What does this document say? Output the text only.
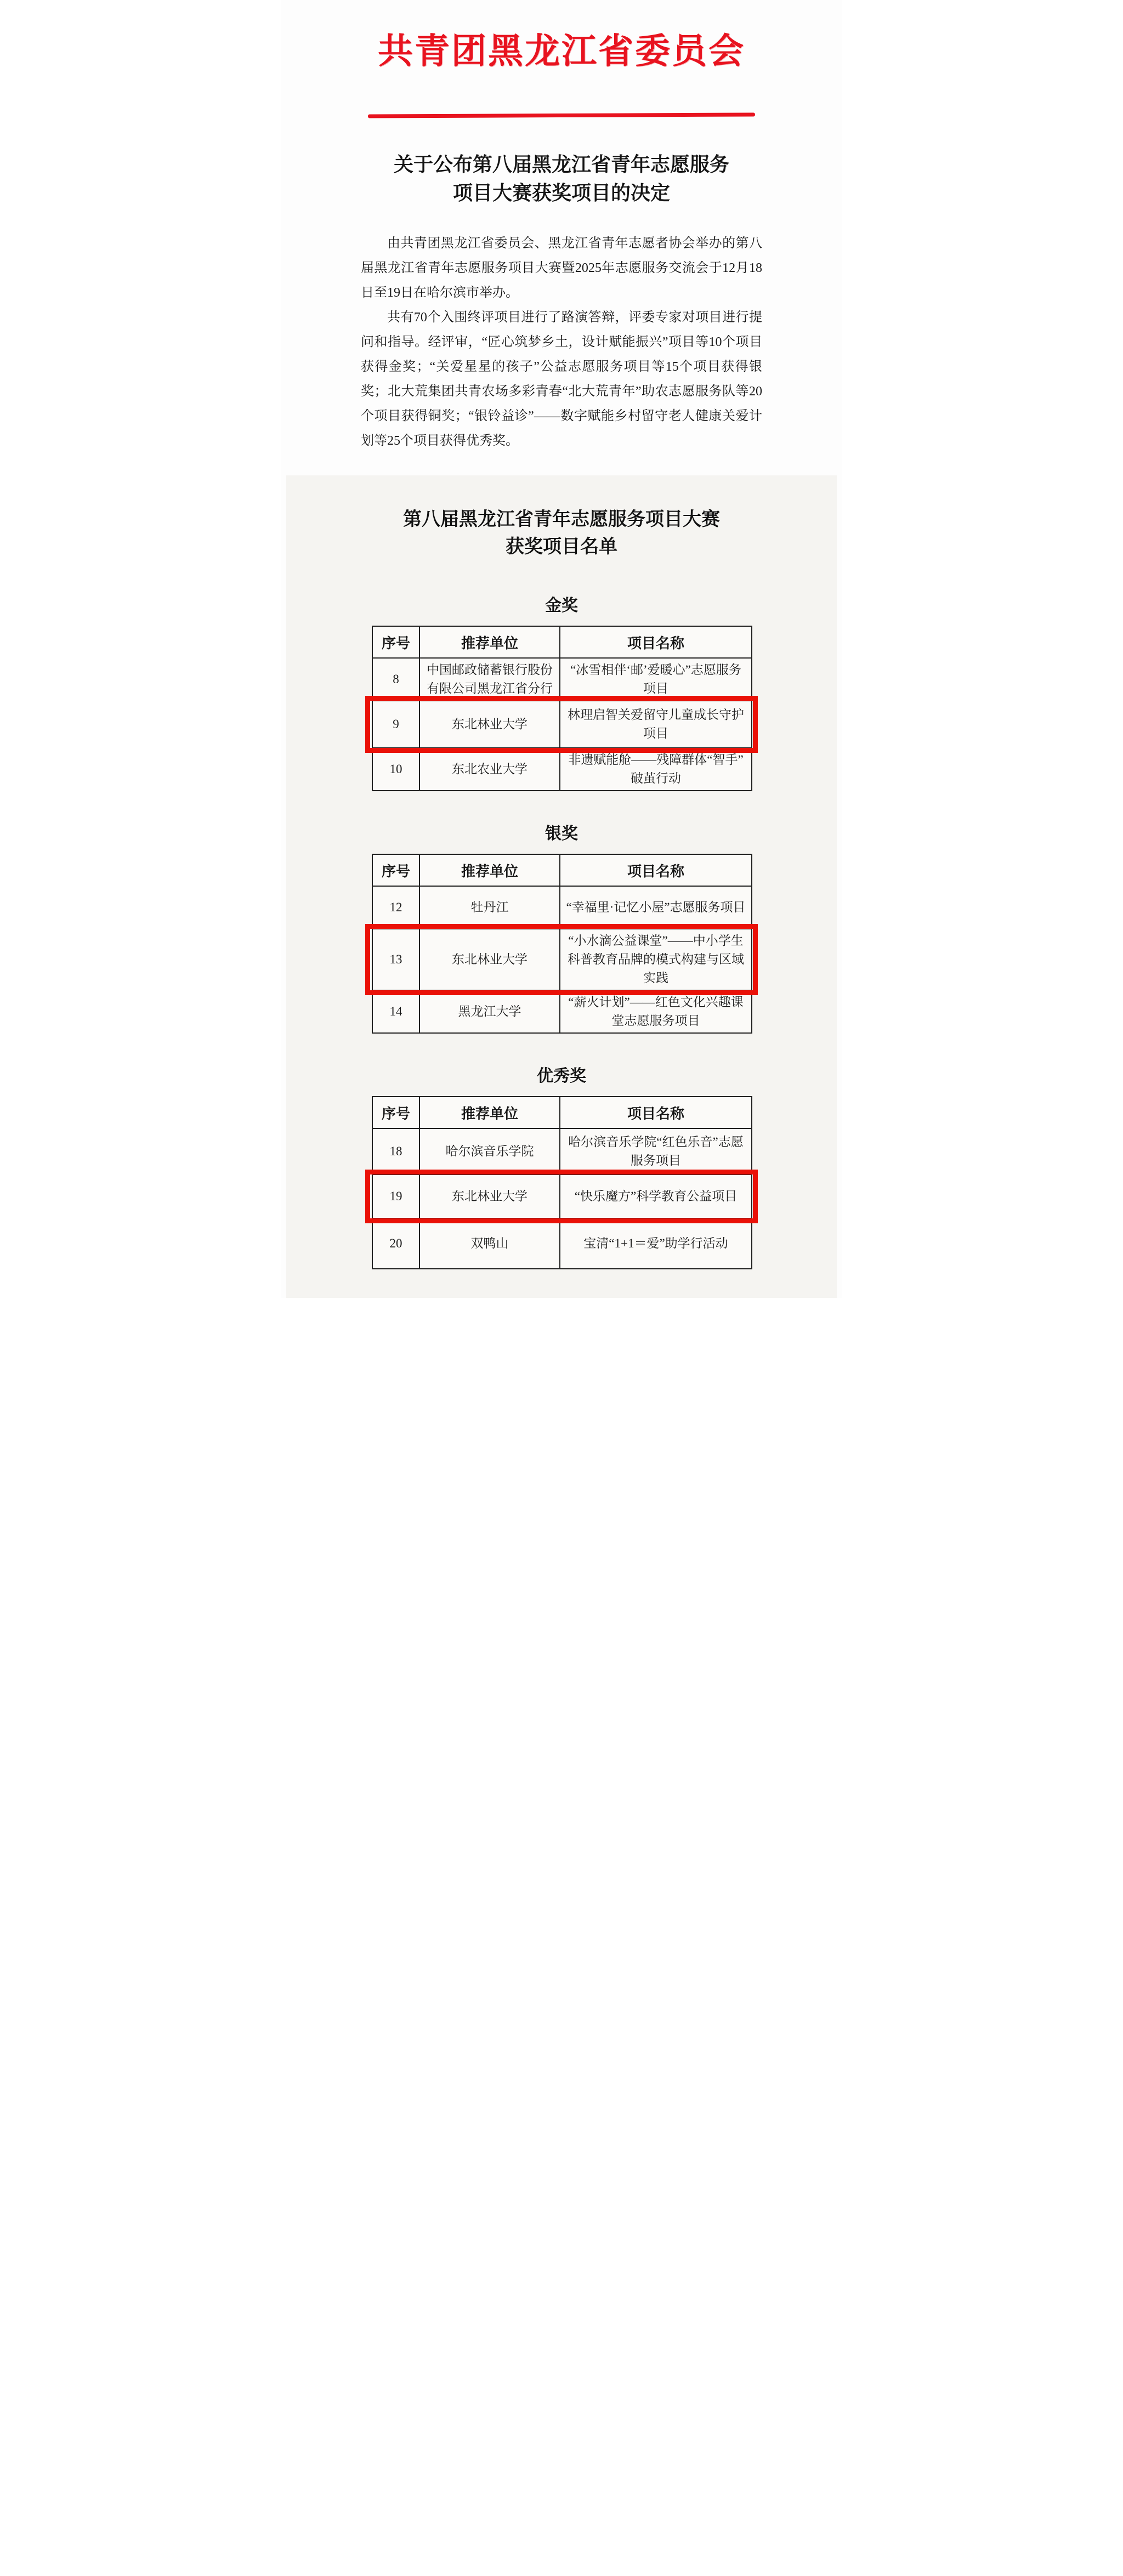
共青团黑龙江省委员会
关于公布第八届黑龙江省青年志愿服务
项目大赛获奖项目的决定

由共青团黑龙江省委员会、黑龙江省青年志愿者协会举办的第八届黑龙江省青年志愿服务项目大赛暨2025年志愿服务交流会于12月18日至19日在哈尔滨市举办。

共有70个入围终评项目进行了路演答辩，评委专家对项目进行提问和指导。经评审，“匠心筑梦乡土，设计赋能振兴”项目等10个项目获得金奖；“关爱星星的孩子”公益志愿服务项目等15个项目获得银奖；北大荒集团共青农场多彩青春“北大荒青年”助农志愿服务队等20个项目获得铜奖；“银铃益诊”——数字赋能乡村留守老人健康关爱计划等25个项目获得优秀奖。

第八届黑龙江省青年志愿服务项目大赛
获奖项目名单
金奖
序号	推荐单位	项目名称
8	中国邮政储蓄银行股份有限公司黑龙江省分行	“冰雪相伴‘邮’爱暖心”志愿服务项目
9	东北林业大学	林理启智关爱留守儿童成长守护项目
10	东北农业大学	非遗赋能舱——残障群体“智手”破茧行动
银奖
序号	推荐单位	项目名称
12	牡丹江	“幸福里·记忆小屋”志愿服务项目
13	东北林业大学	“小水滴公益课堂”——中小学生科普教育品牌的模式构建与区域实践
14	黑龙江大学	“薪火计划”——红色文化兴趣课堂志愿服务项目
优秀奖
序号	推荐单位	项目名称
18	哈尔滨音乐学院	哈尔滨音乐学院“红色乐音”志愿服务项目
19	东北林业大学	“快乐魔方”科学教育公益项目
20	双鸭山	宝清“1+1＝爱”助学行活动
